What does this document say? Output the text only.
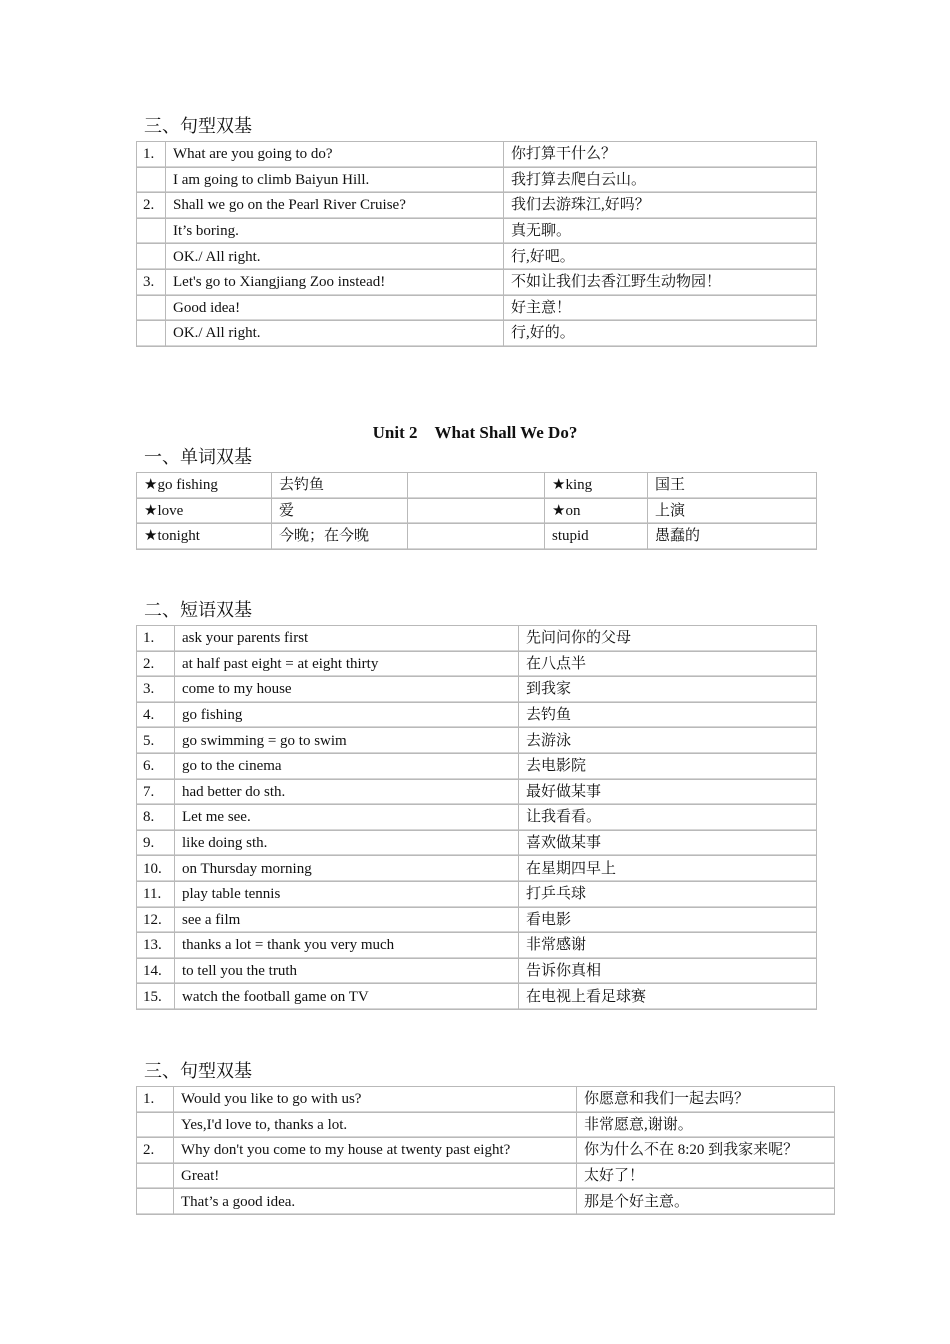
三、句型双基
1.	What are you going to do?	你打算干什么？
	I am going to climb Baiyun Hill.	我打算去爬白云山。
2.	Shall we go on the Pearl River Cruise?	我们去游珠江,好吗？
	It’s boring.	真无聊。
	OK./ All right.	行,好吧。
3.	Let's go to Xiangjiang Zoo instead!	不如让我们去香江野生动物园！
	Good idea!	好主意！
	OK./ All right.	行,好的。
Unit 2　What Shall We Do?
一、单词双基
★go fishing	去钓鱼		★king	国王
★love	爱		★on	上演
★tonight	今晚；在今晚		stupid	愚蠢的
二、短语双基
1.	ask your parents first	先问问你的父母
2.	at half past eight = at eight thirty	在八点半
3.	come to my house	到我家
4.	go fishing	去钓鱼
5.	go swimming = go to swim	去游泳
6.	go to the cinema	去电影院
7.	had better do sth.	最好做某事
8.	Let me see.	让我看看。
9.	like doing sth.	喜欢做某事
10.	on Thursday morning	在星期四早上
11.	play table tennis	打乒乓球
12.	see a film	看电影
13.	thanks a lot = thank you very much	非常感谢
14.	to tell you the truth	告诉你真相
15.	watch the football game on TV	在电视上看足球赛
三、句型双基
1.	Would you like to go with us?	你愿意和我们一起去吗？
	Yes,I'd love to, thanks a lot.	非常愿意,谢谢。
2.	Why don't you come to my house at twenty past eight?	你为什么不在 8:20 到我家来呢？
	Great!	太好了！
	That’s a good idea.	那是个好主意。
